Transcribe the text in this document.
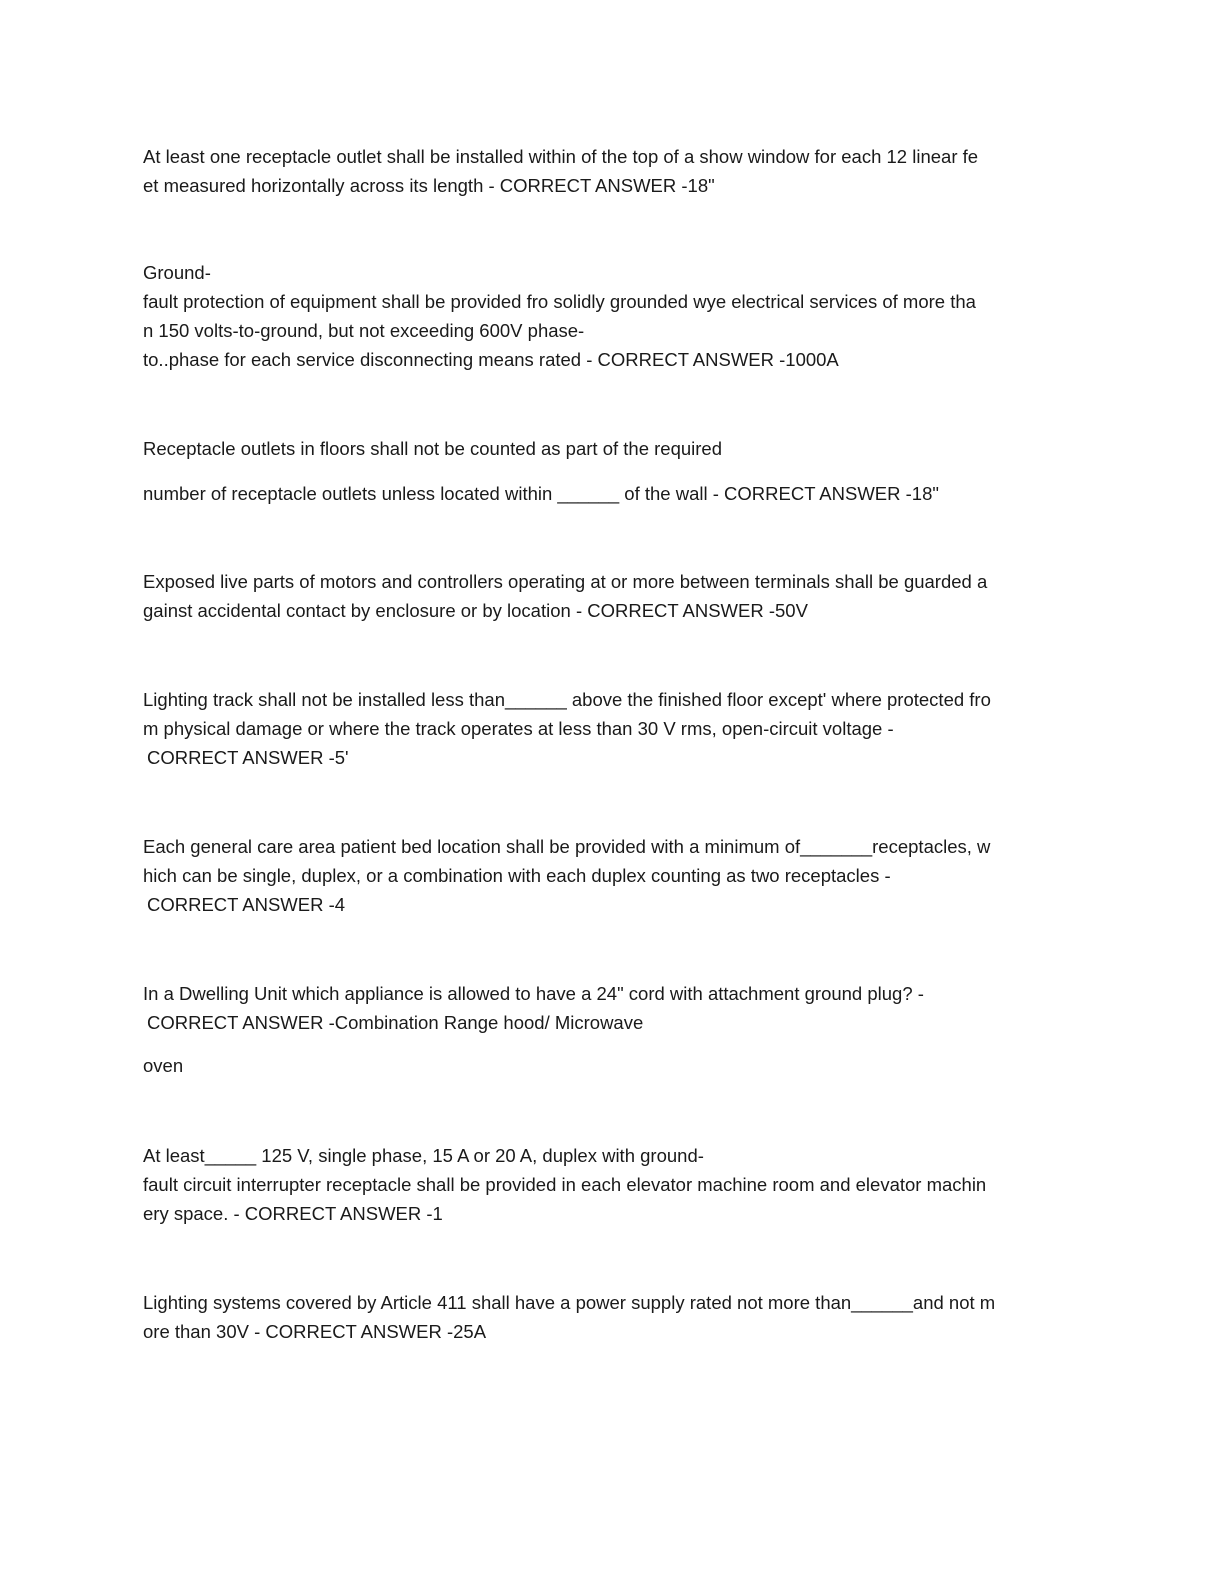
At least one receptacle outlet shall be installed within of the top of a show window for each 12 linear fe

et measured horizontally across its length - CORRECT ANSWER -18"

Ground-

fault protection of equipment shall be provided fro solidly grounded wye electrical services of more tha

n 150 volts-to-ground, but not exceeding 600V phase-

to..phase for each service disconnecting means rated - CORRECT ANSWER -1000A

Receptacle outlets in floors shall not be counted as part of the required

number of receptacle outlets unless located within ______ of the wall - CORRECT ANSWER -18"

Exposed live parts of motors and controllers operating at or more between terminals shall be guarded a

gainst accidental contact by enclosure or by location - CORRECT ANSWER -50V

Lighting track shall not be installed less than______ above the finished floor except' where protected fro

m physical damage or where the track operates at less than 30 V rms, open-circuit voltage -

CORRECT ANSWER -5'

Each general care area patient bed location shall be provided with a minimum of_______receptacles, w

hich can be single, duplex, or a combination with each duplex counting as two receptacles -

CORRECT ANSWER -4

In a Dwelling Unit which appliance is allowed to have a 24" cord with attachment ground plug? -

CORRECT ANSWER -Combination Range hood/ Microwave

oven

At least_____ 125 V, single phase, 15 A or 20 A, duplex with ground-

fault circuit interrupter receptacle shall be provided in each elevator machine room and elevator machin

ery space. - CORRECT ANSWER -1

Lighting systems covered by Article 411 shall have a power supply rated not more than______and not m

ore than 30V - CORRECT ANSWER -25A
